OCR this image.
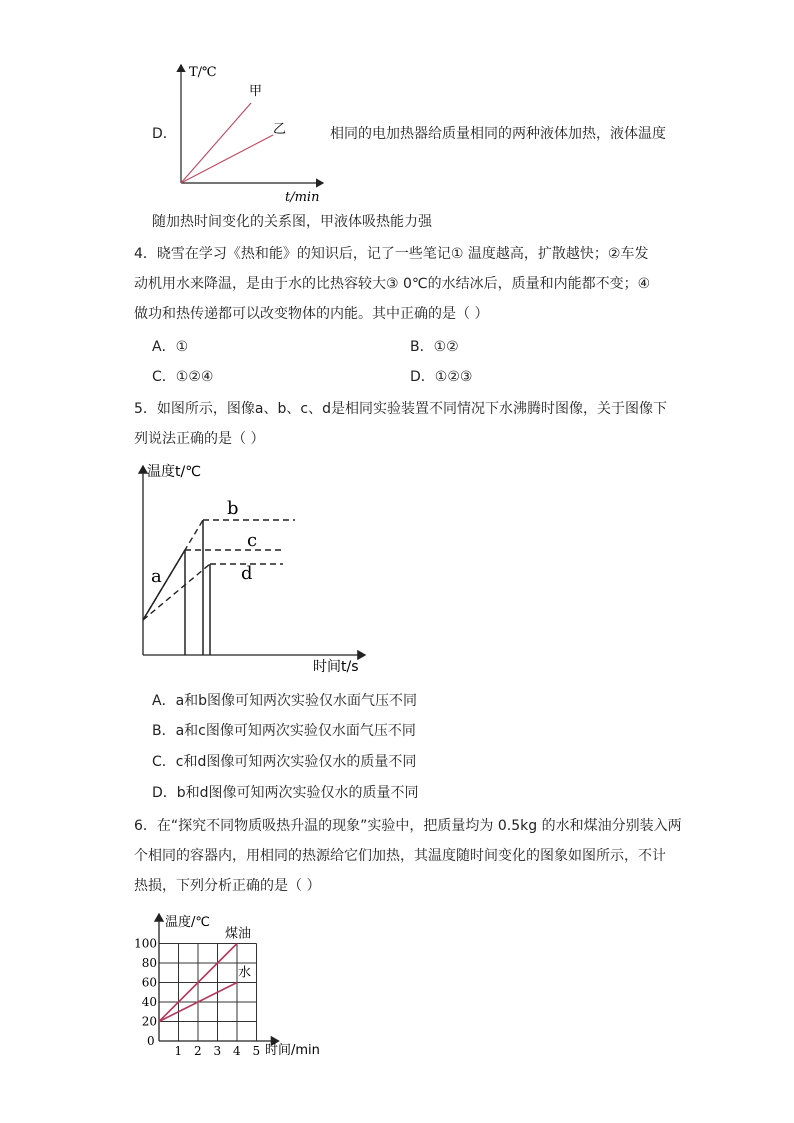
D．
T/℃
t/min
甲
乙	相同的电加热器给质量相同的两种液体加热，液体温度
随加热时间变化的关系图，甲液体吸热能力强
4．晓雪在学习《热和能》的知识后，记了一些笔记① 温度越高，扩散越快；②车发
动机用水来降温，是由于水的比热容较大③ 0℃的水结冰后，质量和内能都不变；④
做功和热传递都可以改变物体的内能。其中正确的是（ ）
A．①	B．①②
C．①②④	D．①②③
5．如图所示，图像a、b、c、d是相同实验装置不同情况下水沸腾时图像，关于图像下
列说法正确的是（ ）
温度t/℃
时间t/s
b
c
d
a
A．a和b图像可知两次实验仅水面气压不同
B．a和c图像可知两次实验仅水面气压不同
C．c和d图像可知两次实验仅水的质量不同
D．b和d图像可知两次实验仅水的质量不同
6．在“探究不同物质吸热升温的现象”实验中，把质量均为 0.5kg 的水和煤油分别装入两
个相同的容器内，用相同的热源给它们加热，其温度随时间变化的图象如图所示，不计
热损，下列分析正确的是（ ）
0
1 2 3 4 5
20
40
60
80
100
煤油
水
温度/℃
时间/min
